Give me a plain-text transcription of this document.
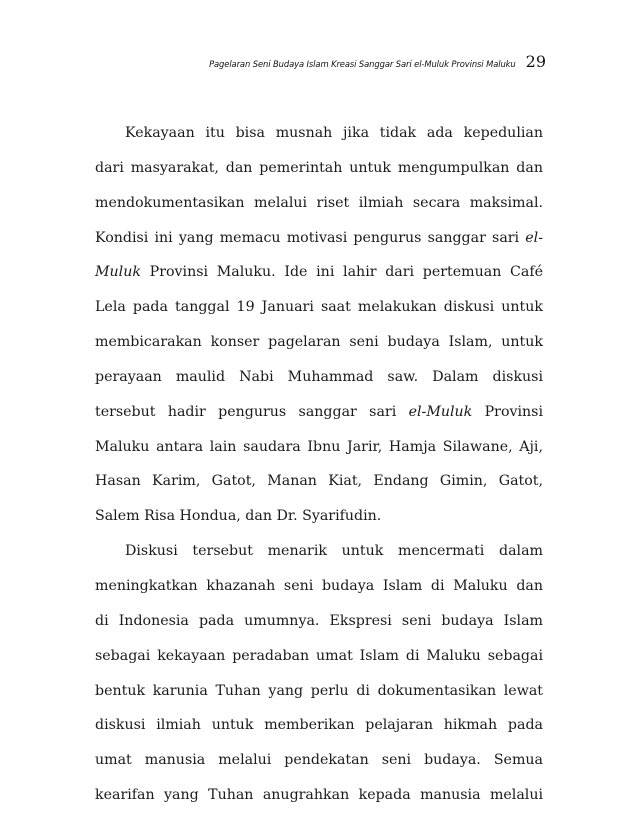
Pagelaran Seni Budaya Islam Kreasi Sanggar Sari el-Muluk Provinsi Maluku 29
Kekayaan itu bisa musnah jika tidak ada kepedulian
dari masyarakat, dan pemerintah untuk mengumpulkan dan
mendokumentasikan melalui riset ilmiah secara maksimal.
Kondisi ini yang memacu motivasi pengurus sanggar sari el-
Muluk Provinsi Maluku. Ide ini lahir dari pertemuan Café
Lela pada tanggal 19 Januari saat melakukan diskusi untuk
membicarakan konser pagelaran seni budaya Islam, untuk
perayaan maulid Nabi Muhammad saw. Dalam diskusi
tersebut hadir pengurus sanggar sari el-Muluk Provinsi
Maluku antara lain saudara Ibnu Jarir, Hamja Silawane, Aji,
Hasan Karim, Gatot, Manan Kiat, Endang Gimin, Gatot,
Salem Risa Hondua, dan Dr. Syarifudin.
Diskusi tersebut menarik untuk mencermati dalam
meningkatkan khazanah seni budaya Islam di Maluku dan
di Indonesia pada umumnya. Ekspresi seni budaya Islam
sebagai kekayaan peradaban umat Islam di Maluku sebagai
bentuk karunia Tuhan yang perlu di dokumentasikan lewat
diskusi ilmiah untuk memberikan pelajaran hikmah pada
umat manusia melalui pendekatan seni budaya. Semua
kearifan yang Tuhan anugrahkan kepada manusia melalui
